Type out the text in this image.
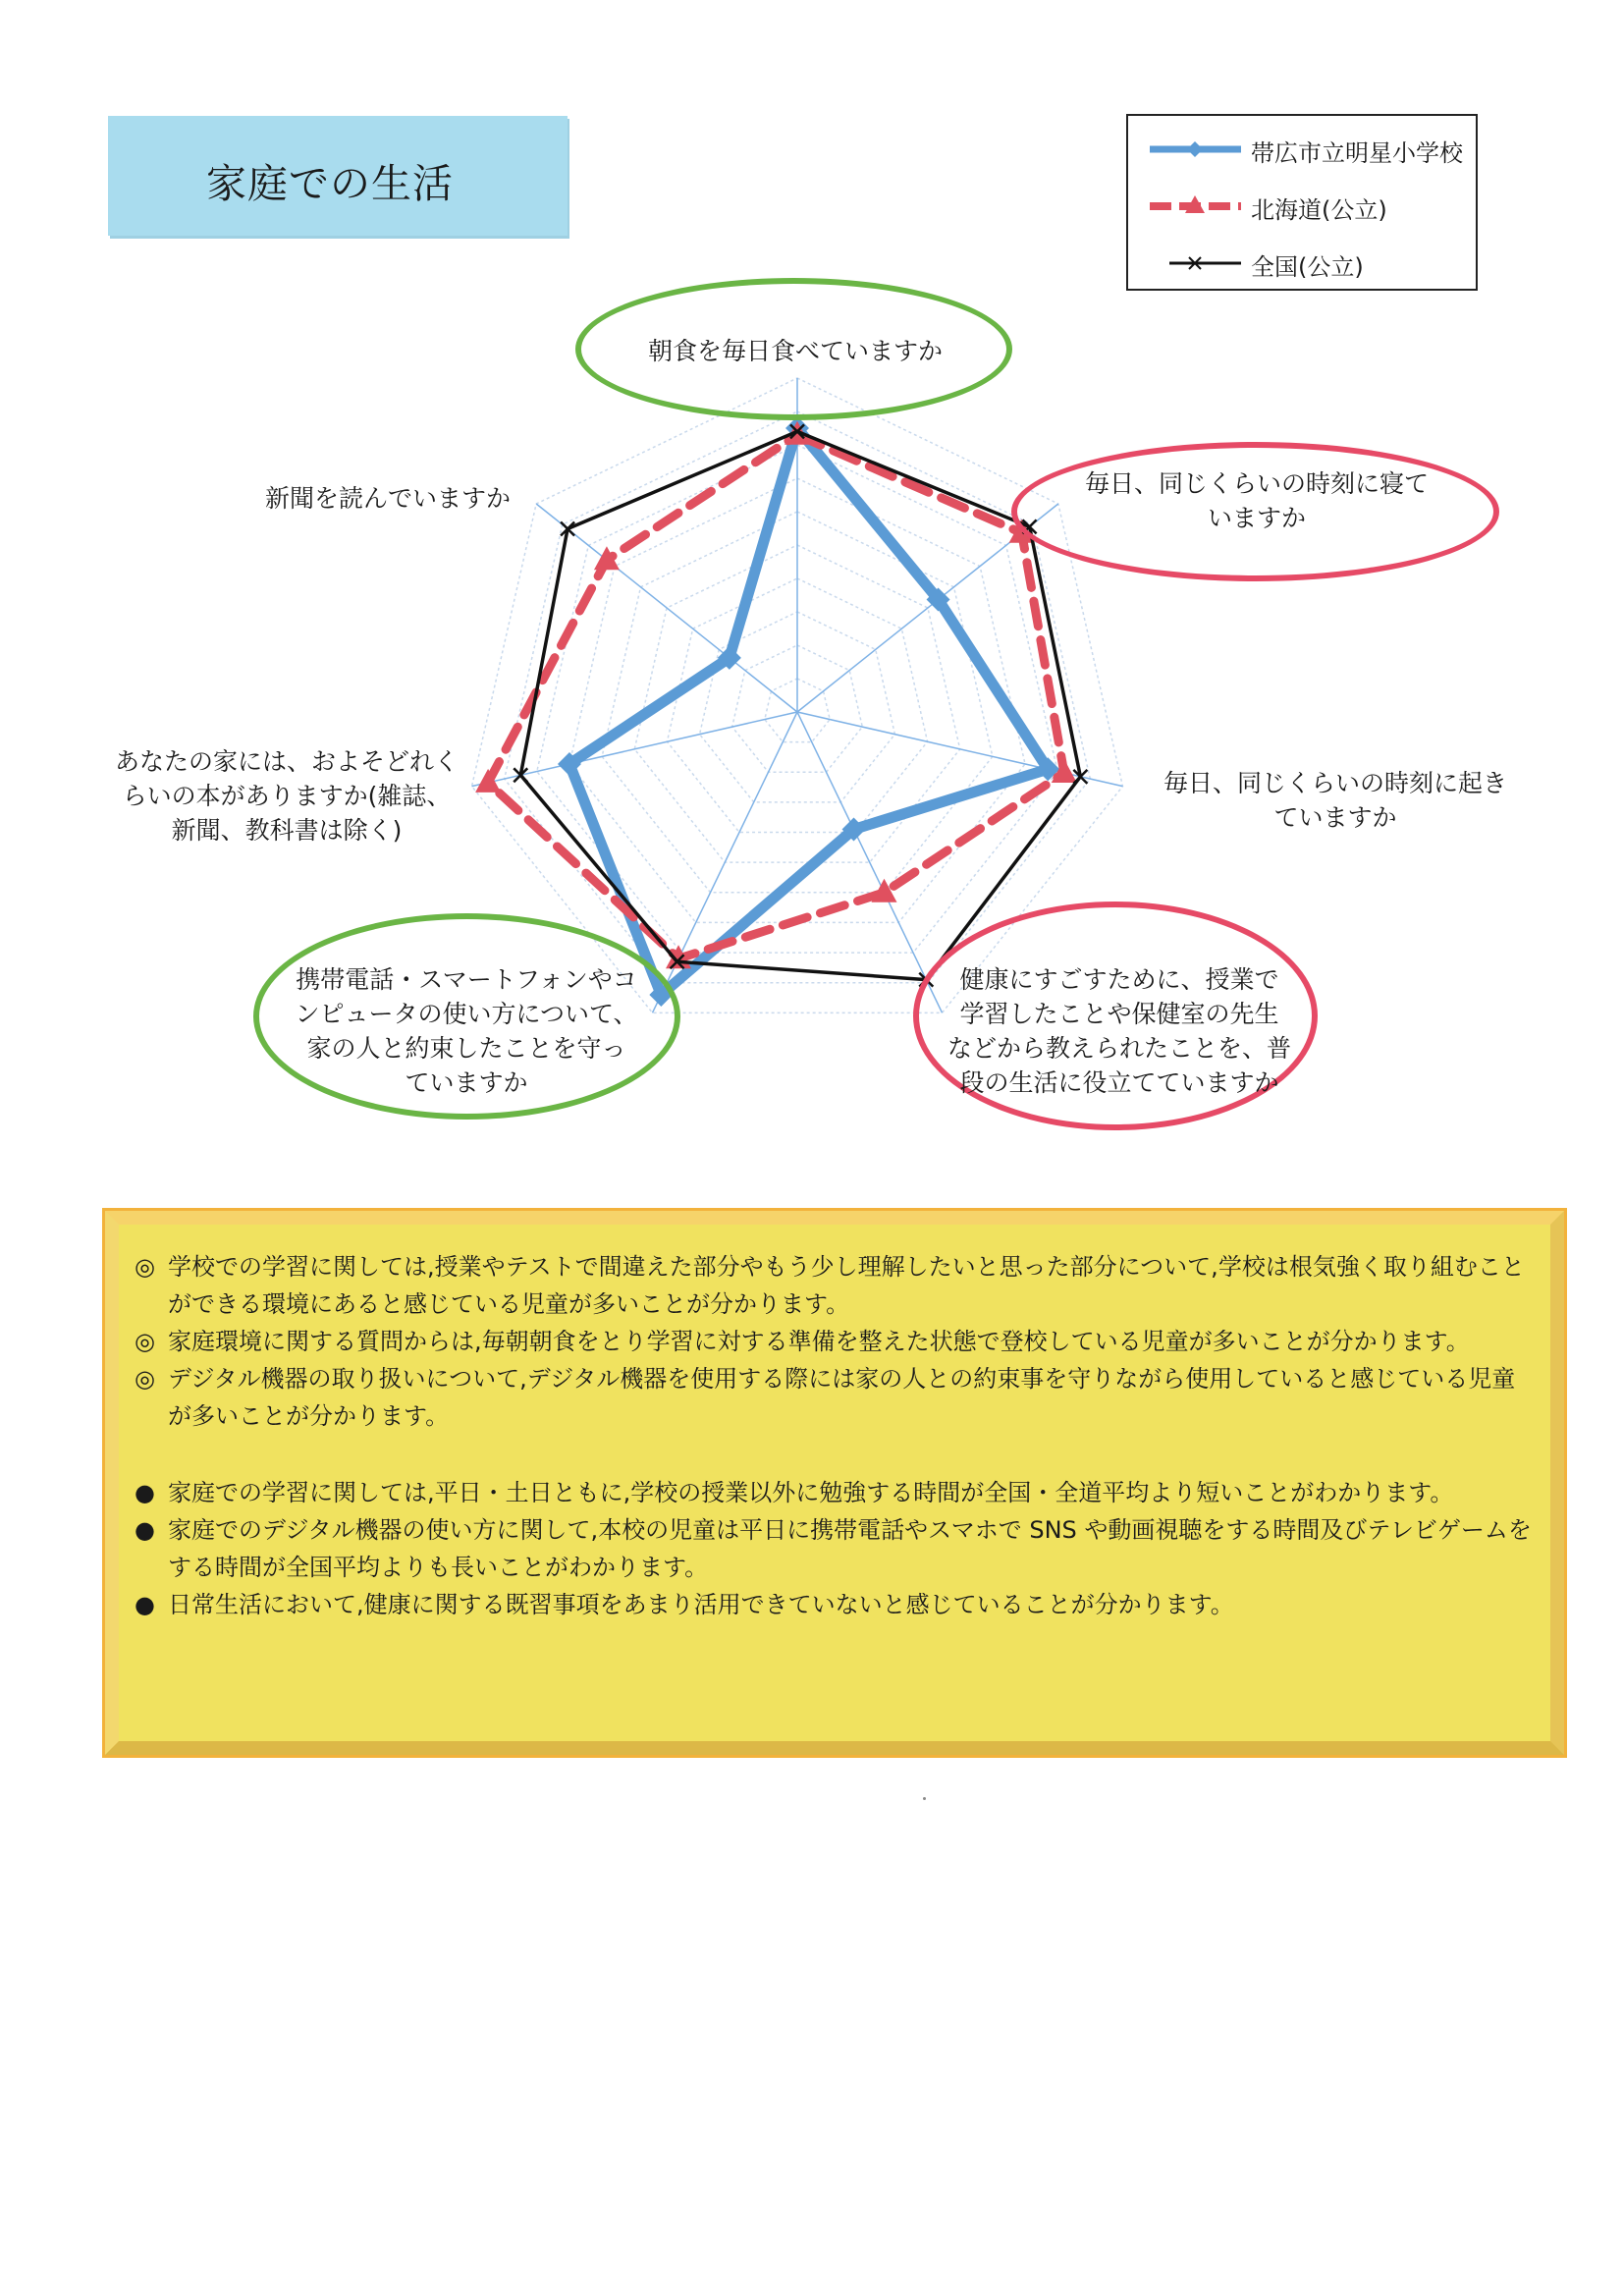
家庭での生活
帯広市立明星小学校
北海道(公立)
全国(公立)
朝食を毎日食べていますか
毎日、同じくらいの時刻に寝て
いますか
毎日、同じくらいの時刻に起き
ていますか
健康にすごすために、授業で
学習したことや保健室の先生
などから教えられたことを、普
段の生活に役立てていますか
携帯電話・スマートフォンやコ
ンピュータの使い方について、
家の人と約束したことを守っ
ていますか
あなたの家には、およそどれく
らいの本がありますか(雑誌、
新聞、教科書は除く)
新聞を読んでいますか
◎ 学校での学習に関しては,授業やテストで間違えた部分やもう少し理解したいと思った部分について,学校は根気強く取り組むことができる環境にあると感じている児童が多いことが分かります。
◎ 家庭環境に関する質問からは,毎朝朝食をとり学習に対する準備を整えた状態で登校している児童が多いことが分かります。
◎ デジタル機器の取り扱いについて,デジタル機器を使用する際には家の人との約束事を守りながら使用していると感じている児童が多いことが分かります。
● 家庭での学習に関しては,平日・土日ともに,学校の授業以外に勉強する時間が全国・全道平均より短いことがわかります。
● 家庭でのデジタル機器の使い方に関して,本校の児童は平日に携帯電話やスマホで SNS や動画視聴をする時間及びテレビゲームをする時間が全国平均よりも長いことがわかります。
● 日常生活において,健康に関する既習事項をあまり活用できていないと感じていることが分かります。
